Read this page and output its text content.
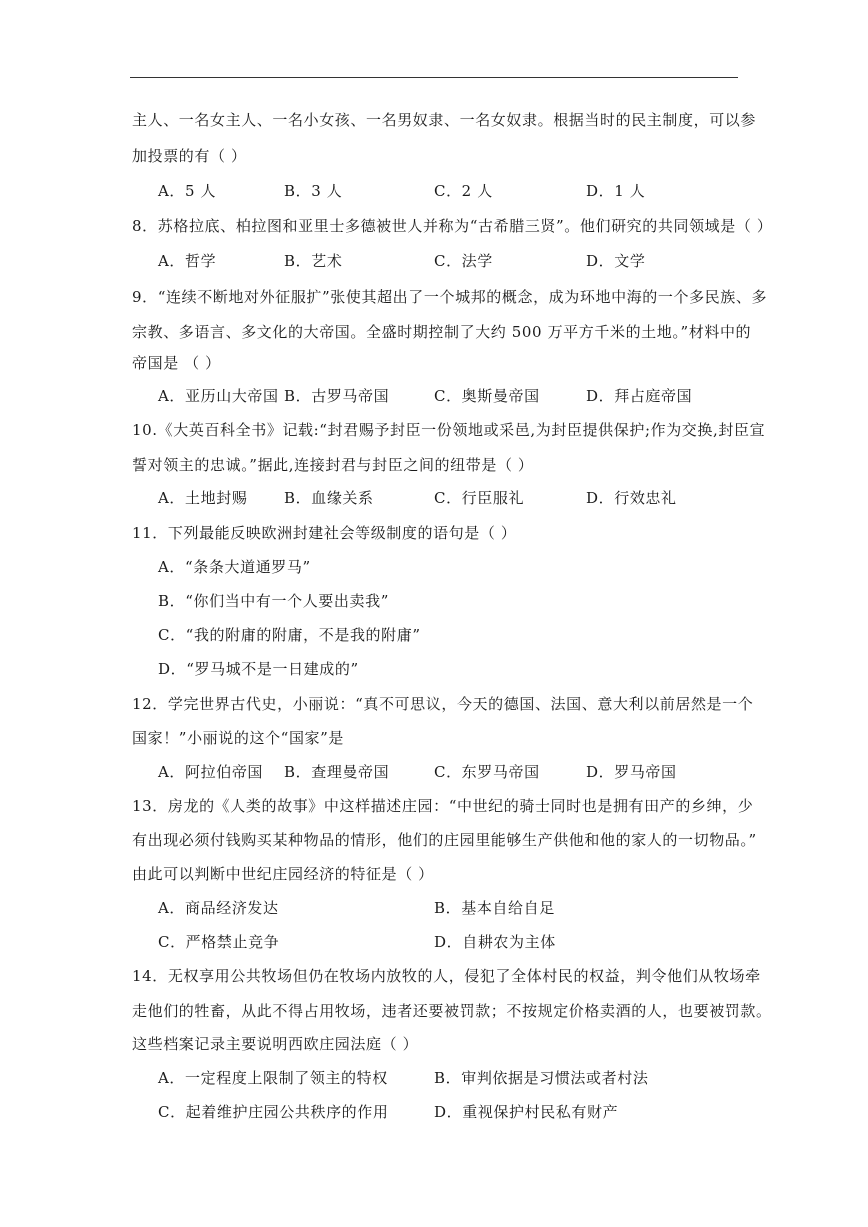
主人、一名女主人、一名小女孩、一名男奴隶、一名女奴隶。根据当时的民主制度，可以参
加投票的有（ ）
A．5 人	B．3 人	C．2 人	D．1 人
8．苏格拉底、柏拉图和亚里士多德被世人并称为“古希腊三贤”。他们研究的共同领域是（ ）
A．哲学	B．艺术	C．法学	D．文学
9．“连续不断地对外征服扩”张使其超出了一个城邦的概念，成为环地中海的一个多民族、多
宗教、多语言、多文化的大帝国。全盛时期控制了大约 500 万平方千米的土地。”材料中的
帝国是 （ ）
A．亚历山大帝国 B．古罗马帝国	C．奥斯曼帝国	D．拜占庭帝国
10.《大英百科全书》记载:“封君赐予封臣一份领地或采邑,为封臣提供保护;作为交换,封臣宣
誓对领主的忠诚。”据此,连接封君与封臣之间的纽带是（ ）
A．土地封赐 B．血缘关系	C．行臣服礼	D．行效忠礼
11．下列最能反映欧洲封建社会等级制度的语句是（ ）
A．“条条大道通罗马”
B．“你们当中有一个人要出卖我”
C．“我的附庸的附庸，不是我的附庸”
D．“罗马城不是一日建成的”
12．学完世界古代史，小丽说：“真不可思议，今天的德国、法国、意大利以前居然是一个
国家！”小丽说的这个“国家”是
A．阿拉伯帝国 B．查理曼帝国	C．东罗马帝国	D．罗马帝国
13．房龙的《人类的故事》中这样描述庄园：“中世纪的骑士同时也是拥有田产的乡绅，少
有出现必须付钱购买某种物品的情形，他们的庄园里能够生产供他和他的家人的一切物品。”
由此可以判断中世纪庄园经济的特征是（ ）
A．商品经济发达	B．基本自给自足
C．严格禁止竞争	D．自耕农为主体
14．无权享用公共牧场但仍在牧场内放牧的人，侵犯了全体村民的权益，判令他们从牧场牵
走他们的牲畜，从此不得占用牧场，违者还要被罚款；不按规定价格卖酒的人，也要被罚款。
这些档案记录主要说明西欧庄园法庭（ ）
A．一定程度上限制了领主的特权	B．审判依据是习惯法或者村法
C．起着维护庄园公共秩序的作用	D．重视保护村民私有财产
